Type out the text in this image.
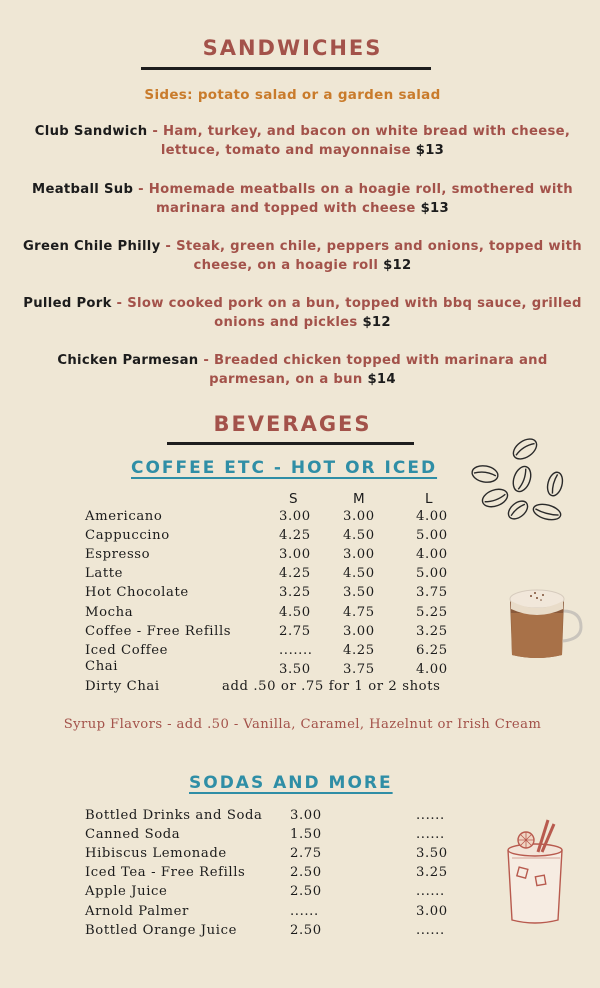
SANDWICHES
Sides: potato salad or a garden salad
Club Sandwich - Ham, turkey, and bacon on white bread with cheese, lettuce, tomato and mayonnaise $13
Meatball Sub - Homemade meatballs on a hoagie roll, smothered with marinara and topped with cheese $13
Green Chile Philly - Steak, green chile, peppers and onions, topped with cheese, on a hoagie roll $12
Pulled Pork - Slow cooked pork on a bun, topped with bbq sauce, grilled onions and pickles $12
Chicken Parmesan - Breaded chicken topped with marinara and parmesan, on a bun $14
BEVERAGES
COFFEE ETC - HOT OR ICED
S	M	L
Americano	3.00 3.00	4.00
Cappuccino	4.25 4.50	5.00
Espresso	3.00 3.00	4.00
Latte	4.25 4.50	5.00
Hot Chocolate	3.25 3.50	3.75
Mocha	4.50 4.75	5.25
Coffee - Free Refills	2.75 3.00	3.25
Iced Coffee	....... 4.25	6.25
Chai	3.50 3.75	4.00
Dirty Chai	add .50 or .75 for 1 or 2 shots
Syrup Flavors - add .50 - Vanilla, Caramel, Hazelnut or Irish Cream
SODAS AND MORE
Bottled Drinks and Soda 3.00	......
Canned Soda	1.50	......
Hibiscus Lemonade	2.75	3.50
Iced Tea - Free Refills	2.50	3.25
Apple Juice	2.50	......
Arnold Palmer	......	3.00
Bottled Orange Juice	2.50	......
